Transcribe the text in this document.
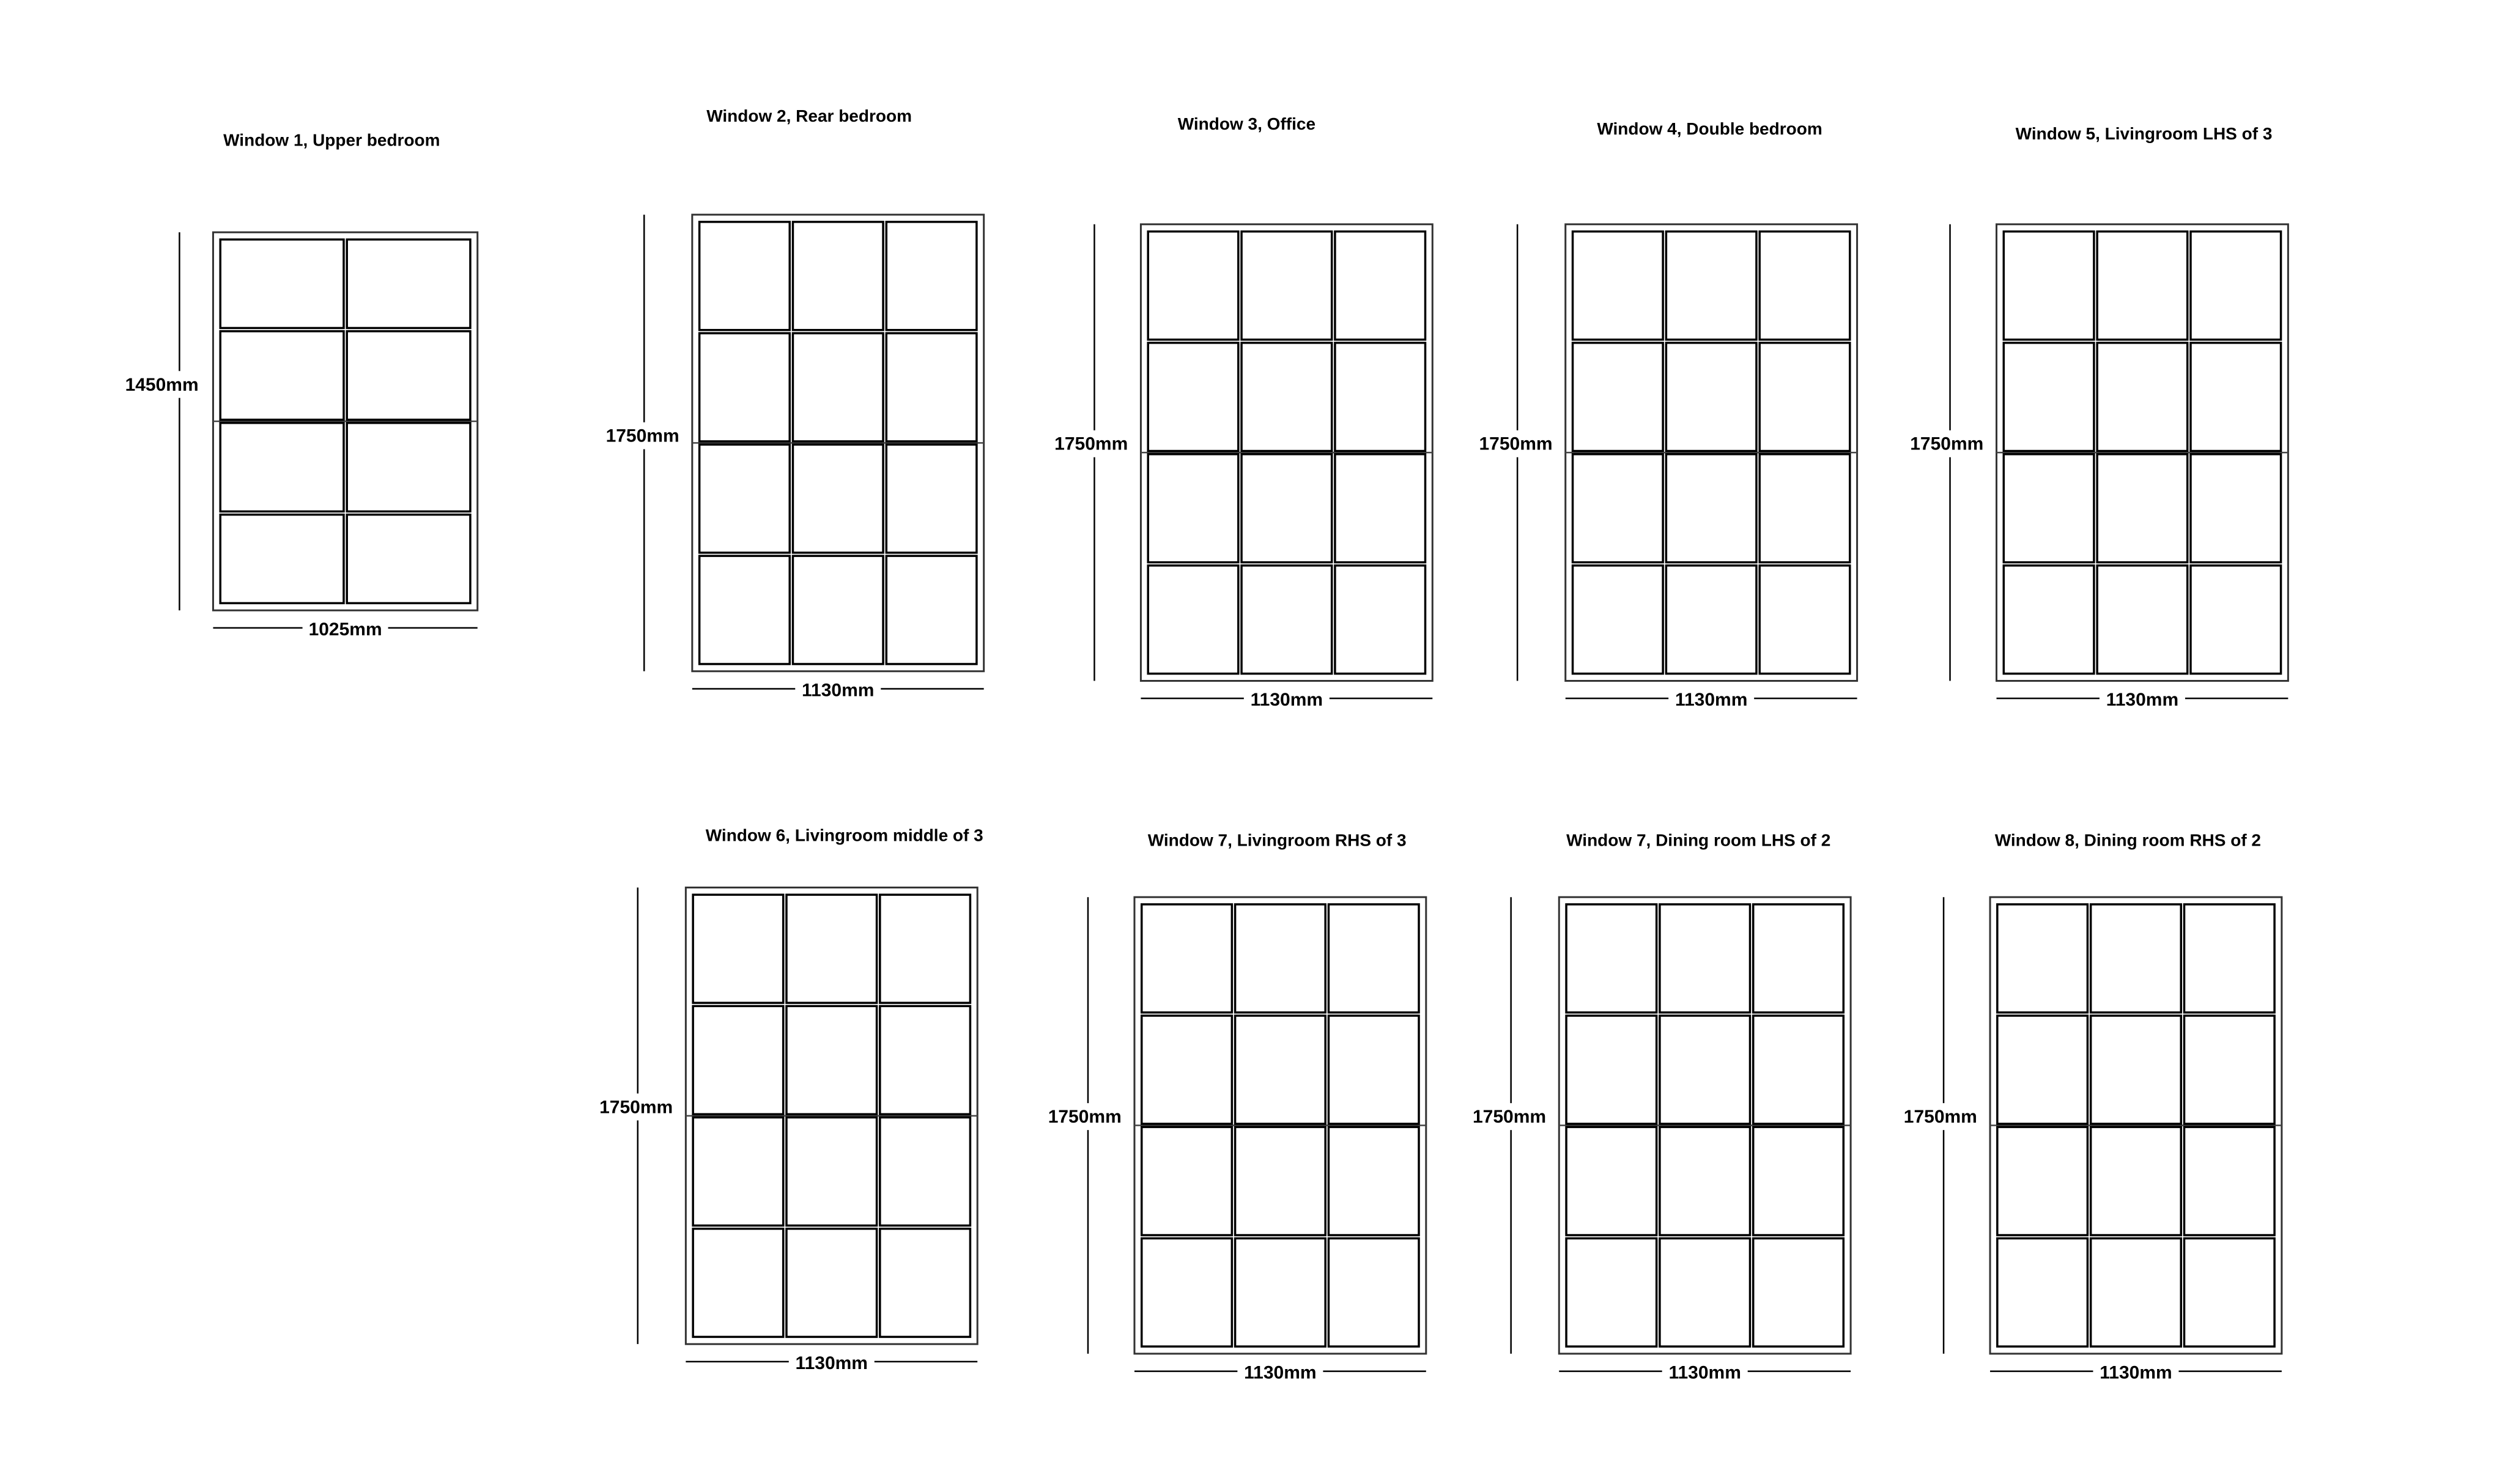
Window 1, Upper bedroom
1450mm
1025mm
Window 2, Rear bedroom
1750mm
1130mm
Window 3, Office
1750mm
1130mm
Window 4, Double bedroom
1750mm
1130mm
Window 5, Livingroom LHS of 3
1750mm
1130mm
Window 6, Livingroom middle of 3
1750mm
1130mm
Window 7, Livingroom RHS of 3
1750mm
1130mm
Window 7, Dining room LHS of 2
1750mm
1130mm
Window 8, Dining room RHS of 2
1750mm
1130mm
